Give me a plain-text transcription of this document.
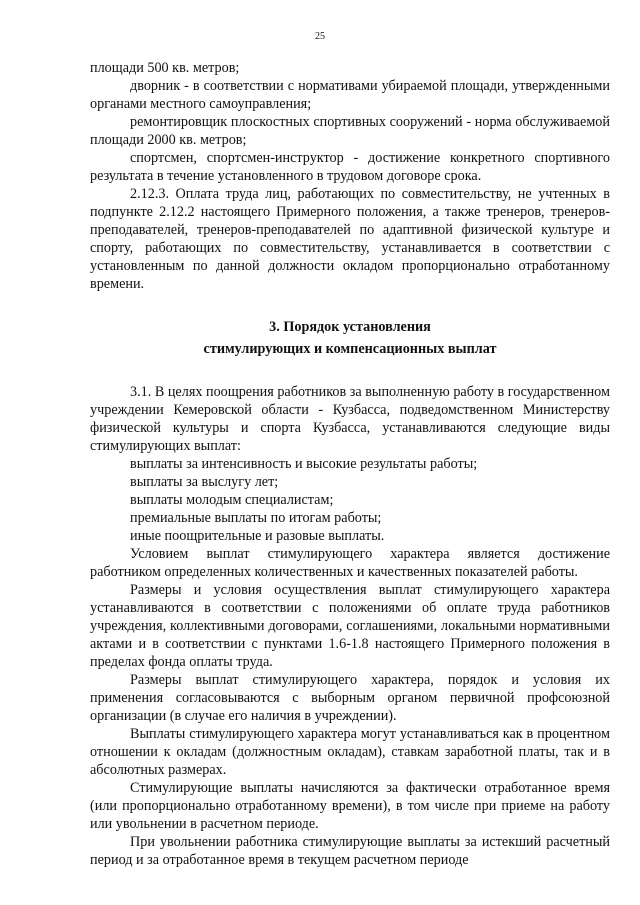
25

площади 500 кв. метров;

дворник - в соответствии с нормативами убираемой площади, утвержденными органами местного самоуправления;

ремонтировщик плоскостных спортивных сооружений - норма обслуживаемой площади 2000 кв. метров;

спортсмен, спортсмен-инструктор - достижение конкретного спортивного результата в течение установленного в трудовом договоре срока.

2.12.3. Оплата труда лиц, работающих по совместительству, не учтенных в подпункте 2.12.2 настоящего Примерного положения, а также тренеров, тренеров-преподавателей, тренеров-преподавателей по адаптивной физической культуре и спорту, работающих по совместительству, устанавливается в соответствии с установленным по данной должности окладом пропорционально отработанному времени.

3. Порядок установления
стимулирующих и компенсационных выплат

3.1. В целях поощрения работников за выполненную работу в государственном учреждении Кемеровской области - Кузбасса, подведомственном Министерству физической культуры и спорта Кузбасса, устанавливаются следующие виды стимулирующих выплат:

выплаты за интенсивность и высокие результаты работы;

выплаты за выслугу лет;

выплаты молодым специалистам;

премиальные выплаты по итогам работы;

иные поощрительные и разовые выплаты.

Условием выплат стимулирующего характера является достижение работником определенных количественных и качественных показателей работы.

Размеры и условия осуществления выплат стимулирующего характера устанавливаются в соответствии с положениями об оплате труда работников учреждения, коллективными договорами, соглашениями, локальными нормативными актами и в соответствии с пунктами 1.6-1.8 настоящего Примерного положения в пределах фонда оплаты труда.

Размеры выплат стимулирующего характера, порядок и условия их применения согласовываются с выборным органом первичной профсоюзной организации (в случае его наличия в учреждении).

Выплаты стимулирующего характера могут устанавливаться как в процентном отношении к окладам (должностным окладам), ставкам заработной платы, так и в абсолютных размерах.

Стимулирующие выплаты начисляются за фактически отработанное время (или пропорционально отработанному времени), в том числе при приеме на работу или увольнении в расчетном периоде.

При увольнении работника стимулирующие выплаты за истекший расчетный период и за отработанное время в текущем расчетном периоде
